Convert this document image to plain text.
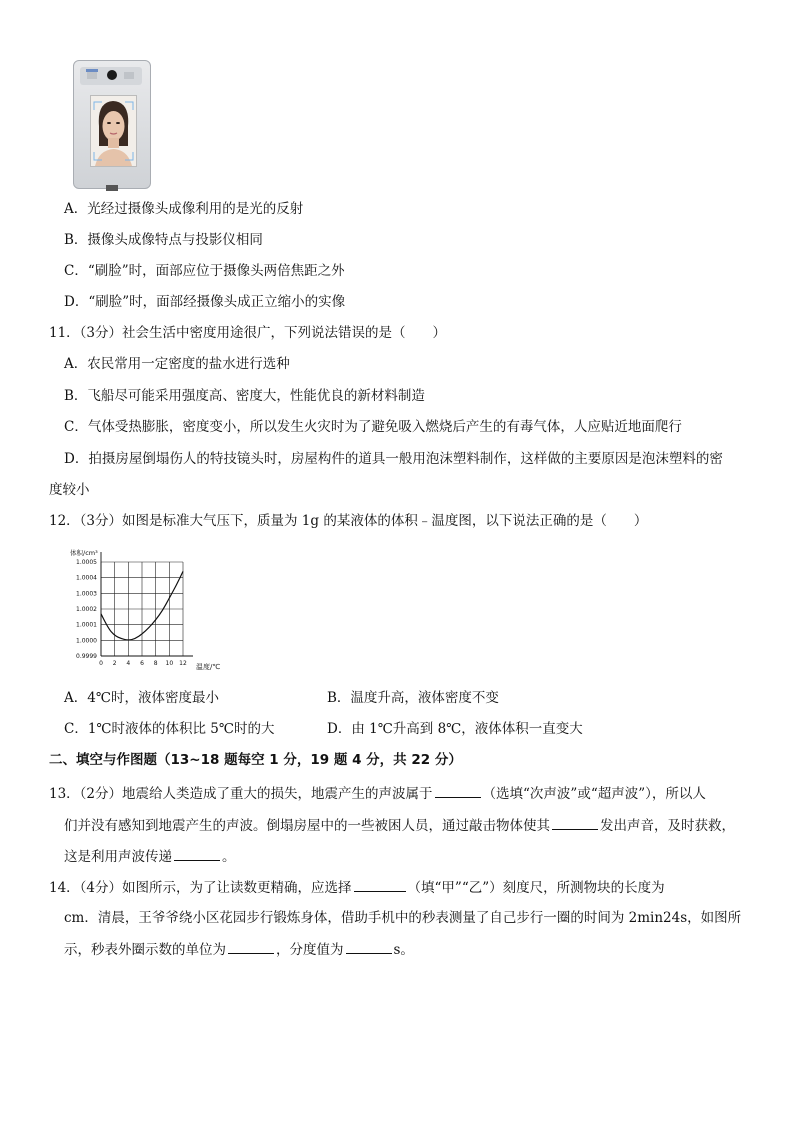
A．光经过摄像头成像利用的是光的反射
B．摄像头成像特点与投影仪相同
C．“刷脸”时，面部应位于摄像头两倍焦距之外
D．“刷脸”时，面部经摄像头成正立缩小的实像
11．（3分）社会生活中密度用途很广，下列说法错误的是（　　）
A．农民常用一定密度的盐水进行选种
B．飞船尽可能采用强度高、密度大，性能优良的新材料制造
C．气体受热膨胀，密度变小，所以发生火灾时为了避免吸入燃烧后产生的有毒气体，人应贴近地面爬行
D．拍摄房屋倒塌伤人的特技镜头时，房屋构件的道具一般用泡沫塑料制作，这样做的主要原因是泡沫塑料的密
度较小
12．（3分）如图是标准大气压下，质量为 1g 的某液体的体积﹣温度图，以下说法正确的是（　　）
1.0005
1.0004
1.0003
1.0002
1.0001
1.0000
0.9999
0 2 4 6 8 10 12
体积/cm³
温度/℃
A．4℃时，液体密度最小	B．温度升高，液体密度不变
C．1℃时液体的体积比 5℃时的大	D．由 1℃升高到 8℃，液体体积一直变大
二、填空与作图题（13~18 题每空 1 分，19 题 4 分，共 22 分）
13．（2分）地震给人类造成了重大的损失，地震产生的声波属于	（选填“次声波”或“超声波”），所以人
们并没有感知到地震产生的声波。倒塌房屋中的一些被困人员，通过敲击物体使其	发出声音，及时获救，
这是利用声波传递	。
14．（4分）如图所示，为了让读数更精确，应选择	（填“甲”“乙”）刻度尺，所测物块的长度为
cm．清晨，王爷爷绕小区花园步行锻炼身体，借助手机中的秒表测量了自己步行一圈的时间为 2min24s，如图所
示，秒表外圈示数的单位为	，分度值为	s。
